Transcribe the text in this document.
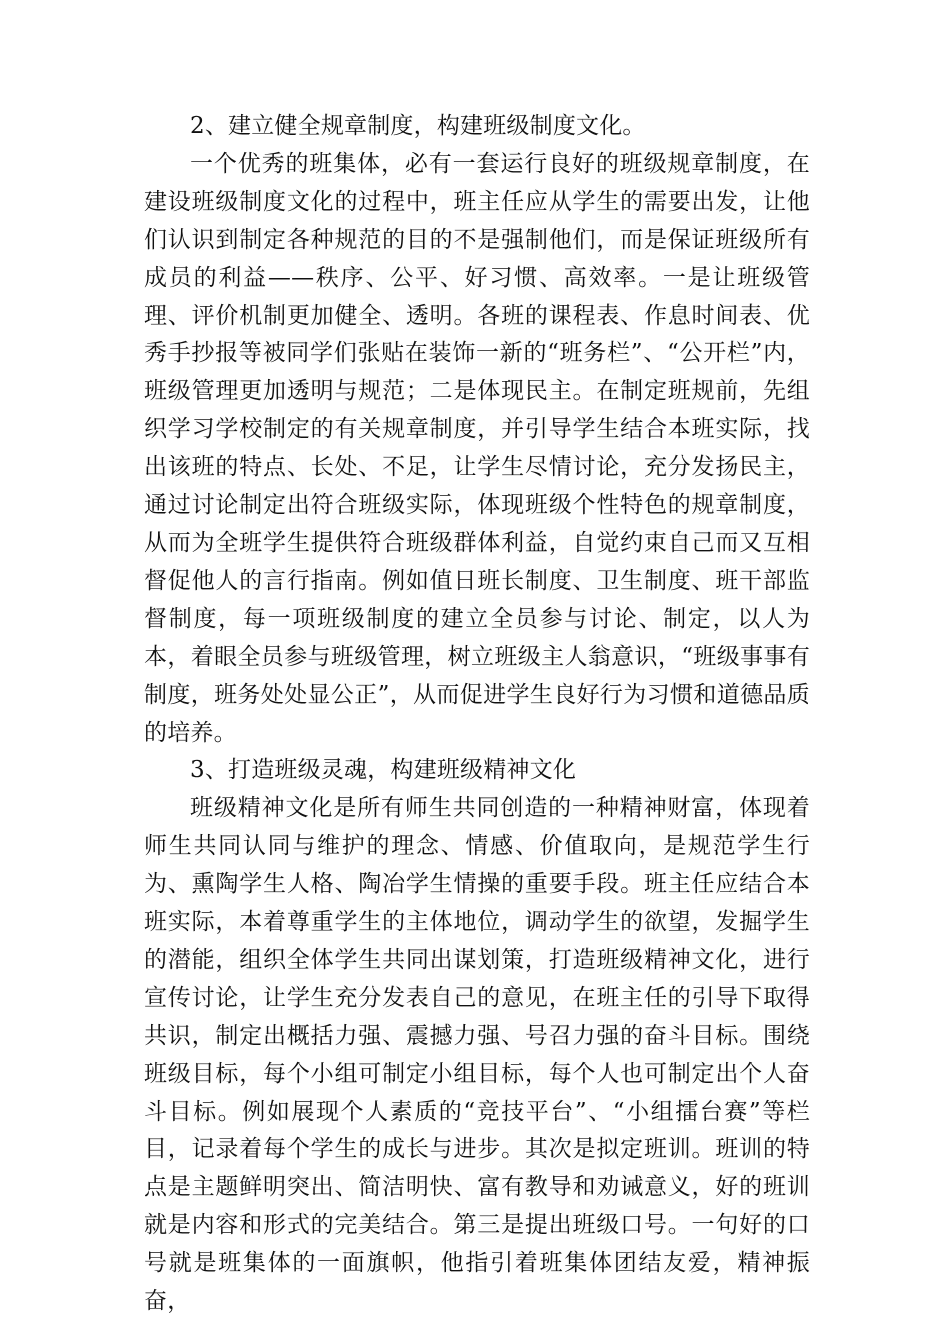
2、建立健全规章制度，构建班级制度文化。

一个优秀的班集体，必有一套运行良好的班级规章制度，在建设班级制度文化的过程中，班主任应从学生的需要出发，让他们认识到制定各种规范的目的不是强制他们，而是保证班级所有成员的利益——秩序、公平、好习惯、高效率。一是让班级管理、评价机制更加健全、透明。各班的课程表、作息时间表、优秀手抄报等被同学们张贴在装饰一新的“班务栏”、“公开栏”内，班级管理更加透明与规范；二是体现民主。在制定班规前，先组织学习学校制定的有关规章制度，并引导学生结合本班实际，找出该班的特点、长处、不足，让学生尽情讨论，充分发扬民主，通过讨论制定出符合班级实际，体现班级个性特色的规章制度，从而为全班学生提供符合班级群体利益，自觉约束自己而又互相督促他人的言行指南。例如值日班长制度、卫生制度、班干部监督制度，每一项班级制度的建立全员参与讨论、制定，以人为本，着眼全员参与班级管理，树立班级主人翁意识，“班级事事有制度，班务处处显公正”，从而促进学生良好行为习惯和道德品质的培养。

3、打造班级灵魂，构建班级精神文化

班级精神文化是所有师生共同创造的一种精神财富，体现着师生共同认同与维护的理念、情感、价值取向，是规范学生行为、熏陶学生人格、陶冶学生情操的重要手段。班主任应结合本班实际，本着尊重学生的主体地位，调动学生的欲望，发掘学生的潜能，组织全体学生共同出谋划策，打造班级精神文化，进行宣传讨论，让学生充分发表自己的意见，在班主任的引导下取得共识，制定出概括力强、震撼力强、号召力强的奋斗目标。围绕班级目标，每个小组可制定小组目标，每个人也可制定出个人奋斗目标。例如展现个人素质的“竞技平台”、“小组擂台赛”等栏目，记录着每个学生的成长与进步。其次是拟定班训。班训的特点是主题鲜明突出、简洁明快、富有教导和劝诫意义，好的班训就是内容和形式的完美结合。第三是提出班级口号。一句好的口号就是班集体的一面旗帜，他指引着班集体团结友爱，精神振奋，
